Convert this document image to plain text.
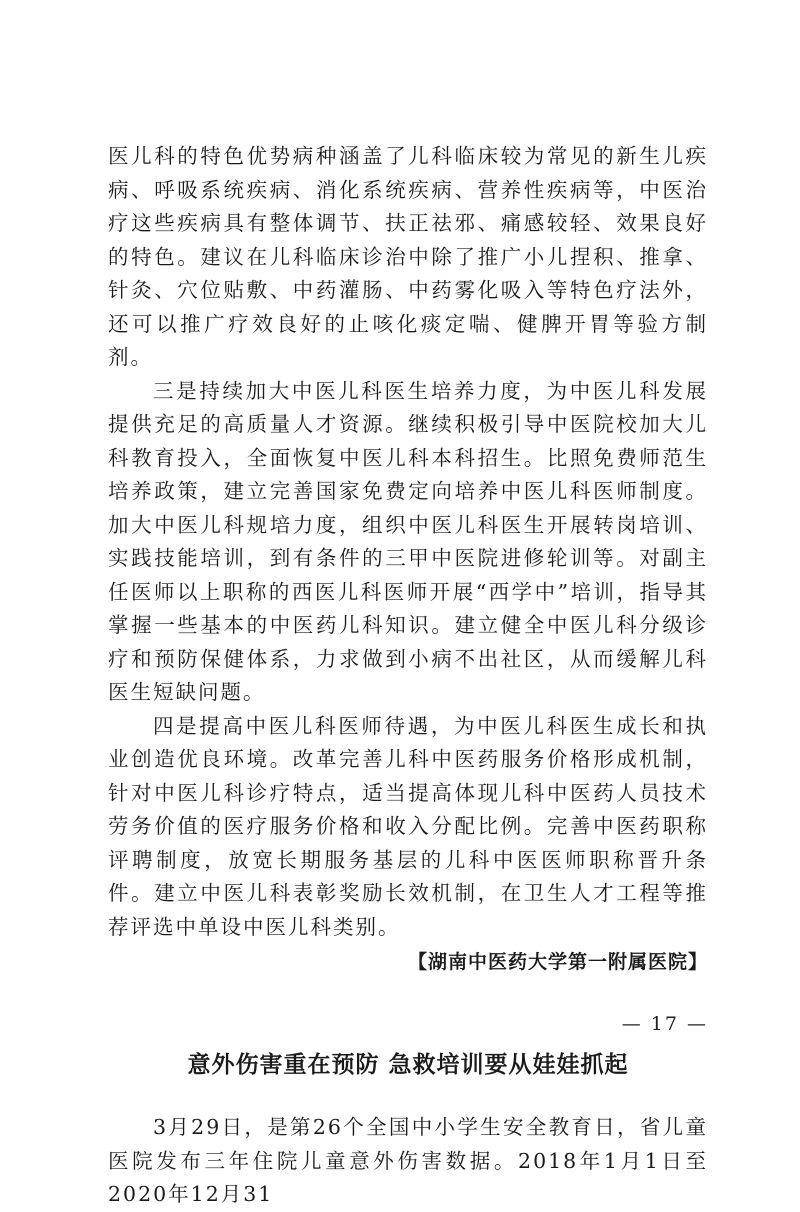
医儿科的特色优势病种涵盖了儿科临床较为常见的新生儿疾病、呼吸系统疾病、消化系统疾病、营养性疾病等，中医治疗这些疾病具有整体调节、扶正祛邪、痛感较轻、效果良好的特色。建议在儿科临床诊治中除了推广小儿捏积、推拿、针灸、穴位贴敷、中药灌肠、中药雾化吸入等特色疗法外，还可以推广疗效良好的止咳化痰定喘、健脾开胃等验方制剂。

三是持续加大中医儿科医生培养力度，为中医儿科发展提供充足的高质量人才资源。继续积极引导中医院校加大儿科教育投入，全面恢复中医儿科本科招生。比照免费师范生培养政策，建立完善国家免费定向培养中医儿科医师制度。加大中医儿科规培力度，组织中医儿科医生开展转岗培训、实践技能培训，到有条件的三甲中医院进修轮训等。对副主任医师以上职称的西医儿科医师开展“西学中”培训，指导其掌握一些基本的中医药儿科知识。建立健全中医儿科分级诊疗和预防保健体系，力求做到小病不出社区，从而缓解儿科医生短缺问题。

四是提高中医儿科医师待遇，为中医儿科医生成长和执业创造优良环境。改革完善儿科中医药服务价格形成机制，针对中医儿科诊疗特点，适当提高体现儿科中医药人员技术劳务价值的医疗服务价格和收入分配比例。完善中医药职称评聘制度，放宽长期服务基层的儿科中医医师职称晋升条件。建立中医儿科表彰奖励长效机制，在卫生人才工程等推荐评选中单设中医儿科类别。

【湖南中医药大学第一附属医院】

意外伤害重在预防 急救培训要从娃娃抓起

3月29日，是第26个全国中小学生安全教育日，省儿童医院发布三年住院儿童意外伤害数据。2018年1月1日至2020年12月31

— 17 —
